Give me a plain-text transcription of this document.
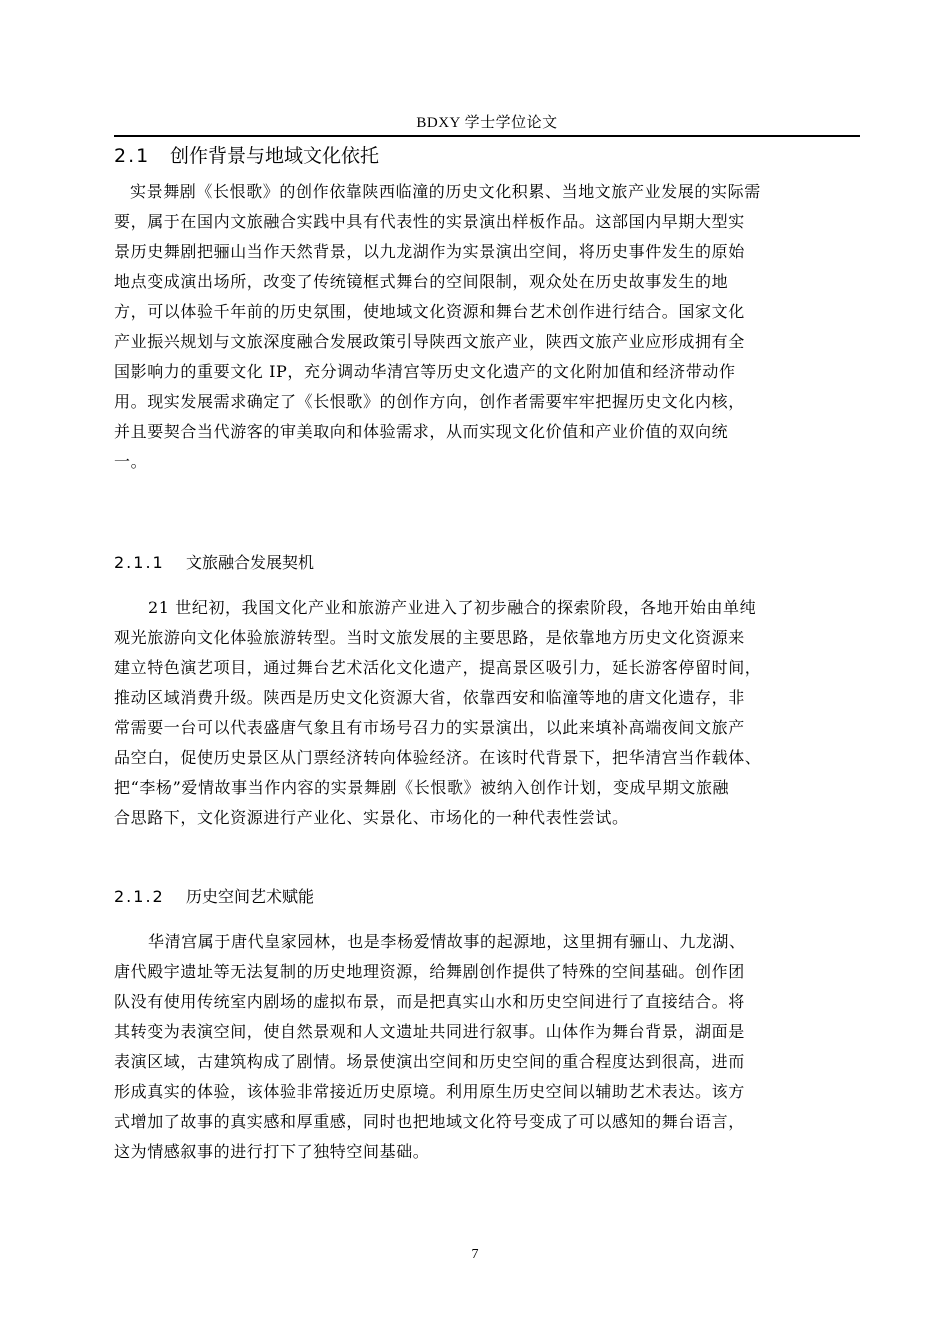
BDXY 学士学位论文
2.1 创作背景与地域文化依托

实景舞剧《长恨歌》的创作依靠陕西临潼的历史文化积累、当地文旅产业发展的实际需
要，属于在国内文旅融合实践中具有代表性的实景演出样板作品。这部国内早期大型实
景历史舞剧把骊山当作天然背景，以九龙湖作为实景演出空间，将历史事件发生的原始
地点变成演出场所，改变了传统镜框式舞台的空间限制，观众处在历史故事发生的地
方，可以体验千年前的历史氛围，使地域文化资源和舞台艺术创作进行结合。国家文化
产业振兴规划与文旅深度融合发展政策引导陕西文旅产业，陕西文旅产业应形成拥有全
国影响力的重要文化 IP，充分调动华清宫等历史文化遗产的文化附加值和经济带动作
用。现实发展需求确定了《长恨歌》的创作方向，创作者需要牢牢把握历史文化内核，
并且要契合当代游客的审美取向和体验需求，从而实现文化价值和产业价值的双向统
一。

2.1.1 文旅融合发展契机

21 世纪初，我国文化产业和旅游产业进入了初步融合的探索阶段，各地开始由单纯
观光旅游向文化体验旅游转型。当时文旅发展的主要思路，是依靠地方历史文化资源来
建立特色演艺项目，通过舞台艺术活化文化遗产，提高景区吸引力，延长游客停留时间，
推动区域消费升级。陕西是历史文化资源大省，依靠西安和临潼等地的唐文化遗存，非
常需要一台可以代表盛唐气象且有市场号召力的实景演出，以此来填补高端夜间文旅产
品空白，促使历史景区从门票经济转向体验经济。在该时代背景下，把华清宫当作载体、
把“李杨”爱情故事当作内容的实景舞剧《长恨歌》被纳入创作计划，变成早期文旅融
合思路下，文化资源进行产业化、实景化、市场化的一种代表性尝试。

2.1.2 历史空间艺术赋能

华清宫属于唐代皇家园林，也是李杨爱情故事的起源地，这里拥有骊山、九龙湖、
唐代殿宇遗址等无法复制的历史地理资源，给舞剧创作提供了特殊的空间基础。创作团
队没有使用传统室内剧场的虚拟布景，而是把真实山水和历史空间进行了直接结合。将
其转变为表演空间，使自然景观和人文遗址共同进行叙事。山体作为舞台背景，湖面是
表演区域，古建筑构成了剧情。场景使演出空间和历史空间的重合程度达到很高，进而
形成真实的体验，该体验非常接近历史原境。利用原生历史空间以辅助艺术表达。该方
式增加了故事的真实感和厚重感，同时也把地域文化符号变成了可以感知的舞台语言，
这为情感叙事的进行打下了独特空间基础。

7
